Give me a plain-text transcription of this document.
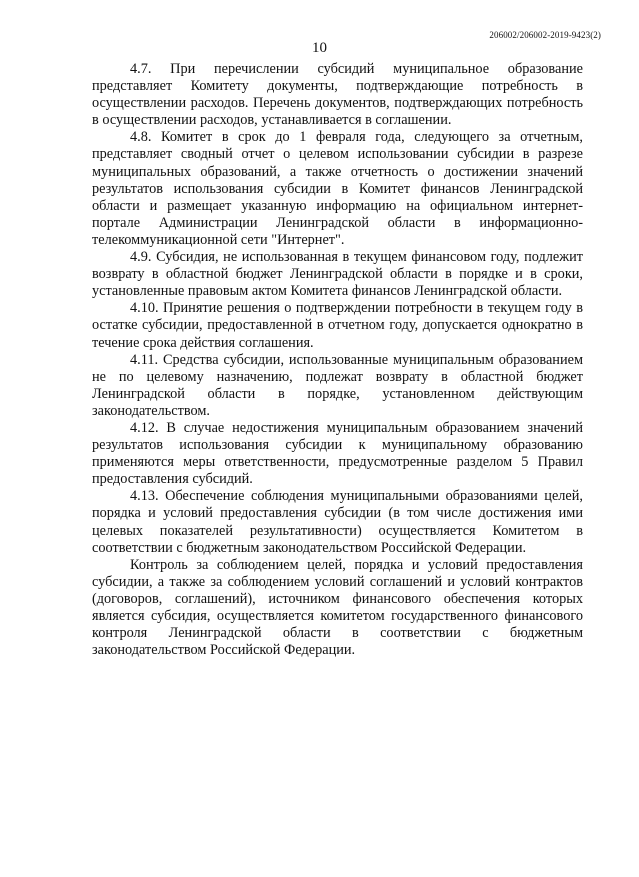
206002/206002-2019-9423(2)
10

4.7. При перечислении субсидий муниципальное образование представляет Комитету документы, подтверждающие потребность в осуществлении расходов. Перечень документов, подтверждающих потребность в осуществлении расходов, устанавливается в соглашении.

4.8. Комитет в срок до 1 февраля года, следующего за отчетным, представляет сводный отчет о целевом использовании субсидии в разрезе муниципальных образований, а также отчетность о достижении значений результатов использования субсидии в Комитет финансов Ленинградской области и размещает указанную информацию на официальном интернет-портале Администрации Ленинградской области в информационно-телекоммуникационной сети "Интернет".

4.9. Субсидия, не использованная в текущем финансовом году, подлежит возврату в областной бюджет Ленинградской области в порядке и в сроки, установленные правовым актом Комитета финансов Ленинградской области.

4.10. Принятие решения о подтверждении потребности в текущем году в остатке субсидии, предоставленной в отчетном году, допускается однократно в течение срока действия соглашения.

4.11. Средства субсидии, использованные муниципальным образованием не по целевому назначению, подлежат возврату в областной бюджет Ленинградской области в порядке, установленном действующим законодательством.

4.12. В случае недостижения муниципальным образованием значений результатов использования субсидии к муниципальному образованию применяются меры ответственности, предусмотренные разделом 5 Правил предоставления субсидий.

4.13. Обеспечение соблюдения муниципальными образованиями целей, порядка и условий предоставления субсидии (в том числе достижения ими целевых показателей результативности) осуществляется Комитетом в соответствии с бюджетным законодательством Российской Федерации.

Контроль за соблюдением целей, порядка и условий предоставления субсидии, а также за соблюдением условий соглашений и условий контрактов (договоров, соглашений), источником финансового обеспечения которых является субсидия, осуществляется комитетом государственного финансового контроля Ленинградской области в соответствии с бюджетным законодательством Российской Федерации.
